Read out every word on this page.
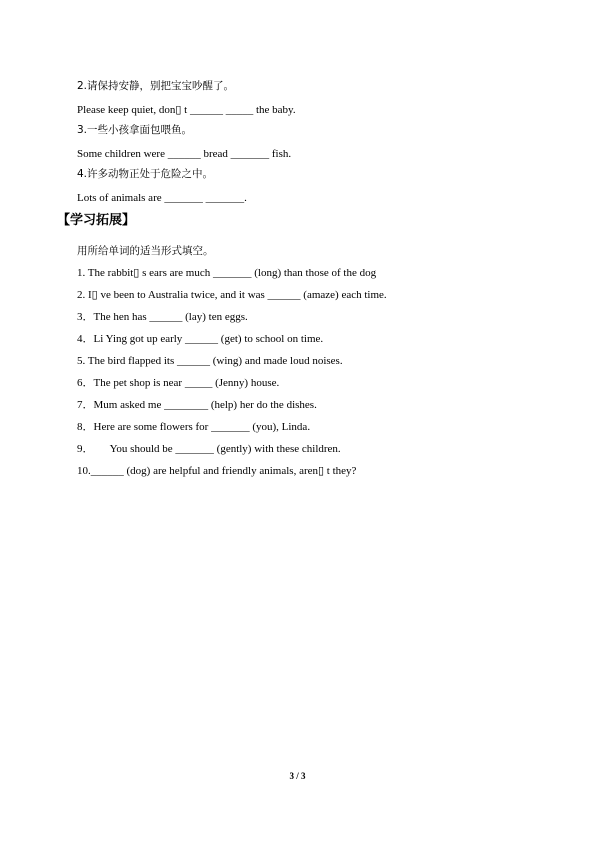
2.请保持安静，别把宝宝吵醒了。
Please keep quiet, don▯ t ______ _____ the baby.
3.一些小孩拿面包喂鱼。
Some children were ______ bread _______ fish.
4.许多动物正处于危险之中。
Lots of animals are _______ _______.
【学习拓展】
用所给单词的适当形式填空。
1. The rabbit▯ s ears are much _______ (long) than those of the dog
2. I▯ ve been to Australia twice, and it was ______ (amaze) each time.
3．The hen has ______ (lay) ten eggs.
4．Li Ying got up early ______ (get) to school on time.
5. The bird flapped its ______ (wing) and made loud noises.
6．The pet shop is near _____ (Jenny) house.
7．Mum asked me ________ (help) her do the dishes.
8．Here are some flowers for _______ (you), Linda.
9．      You should be _______ (gently) with these children.
10.______ (dog) are helpful and friendly animals, aren▯ t they?
3 / 3
